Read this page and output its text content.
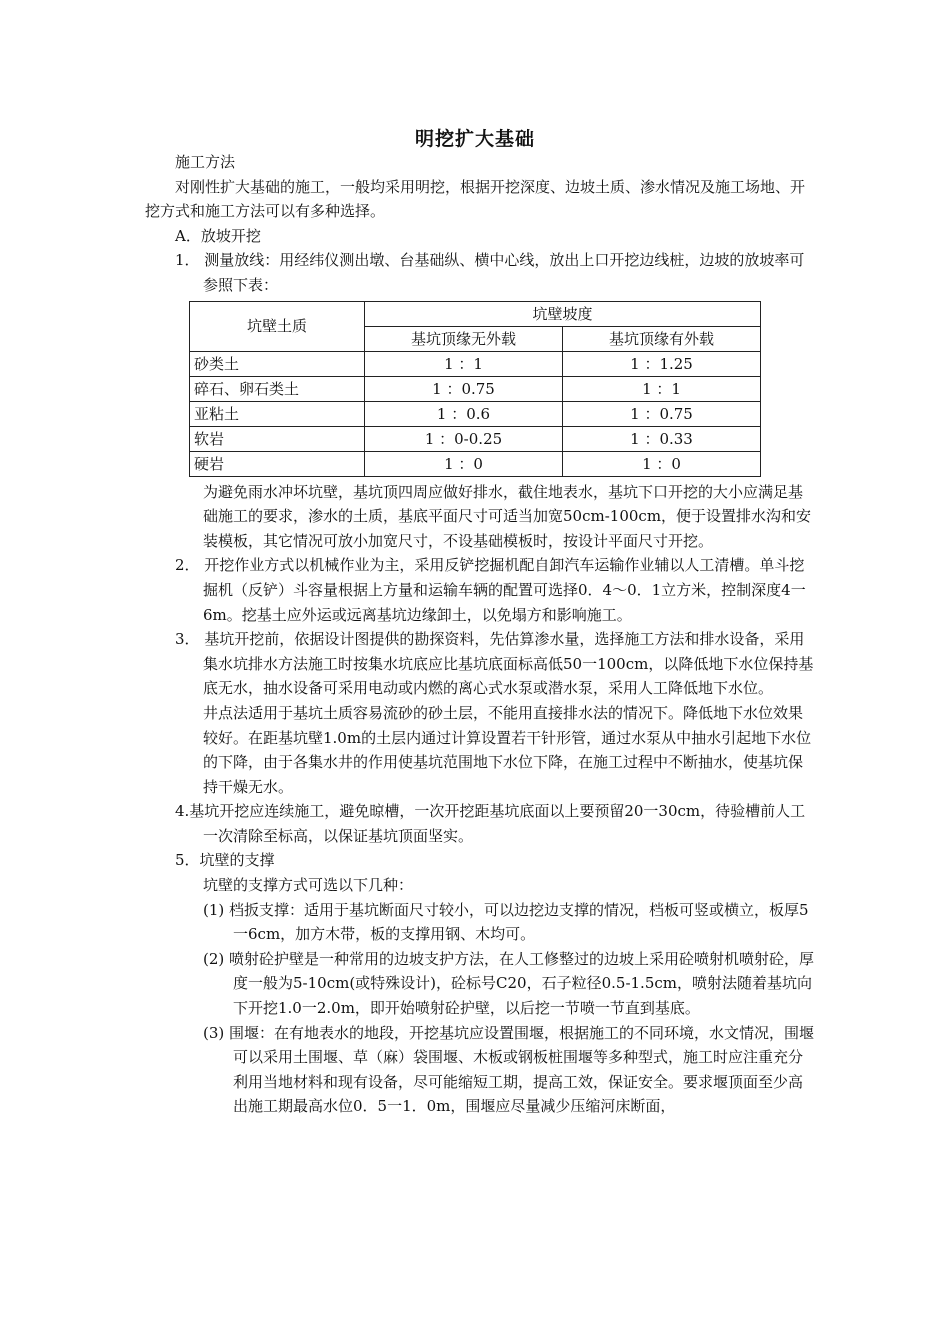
明挖扩大基础

施工方法

对刚性扩大基础的施工，一般均采用明挖，根据开挖深度、边坡土质、渗水情况及施工场地、开挖方式和施工方法可以有多种选择。

A．放坡开挖

1． 测量放线：用经纬仪测出墩、台基础纵、横中心线，放出上口开挖边线桩，边坡的放坡率可参照下表：

坑壁土质	坑壁坡度	
	基坑顶缘无外载	基坑顶缘有外载
砂类土	1 ：1	1 ：1.25
碎石、卵石类土	1 ：0.75	1 ：1
亚粘土	1 ：0.6	1 ：0.75
软岩	1 ：0-0.25	1 ：0.33
硬岩	1 ：0	1 ：0

为避免雨水冲坏坑壁，基坑顶四周应做好排水，截住地表水，基坑下口开挖的大小应满足基础施工的要求，渗水的土质，基底平面尺寸可适当加宽50cm-100cm，便于设置排水沟和安装模板，其它情况可放小加宽尺寸，不设基础模板时，按设计平面尺寸开挖。

2． 开挖作业方式以机械作业为主，采用反铲挖掘机配自卸汽车运输作业辅以人工清槽。单斗挖掘机（反铲）斗容量根据上方量和运输车辆的配置可选择0．4～0．1立方米，控制深度4一6m。挖基土应外运或远离基坑边缘卸土，以免塌方和影响施工。

3． 基坑开挖前，依据设计图提供的勘探资料，先估算渗水量，选择施工方法和排水设备，采用集水坑排水方法施工时按集水坑底应比基坑底面标高低50一100cm，以降低地下水位保持基底无水，抽水设备可采用电动或内燃的离心式水泵或潜水泵，采用人工降低地下水位。

井点法适用于基坑土质容易流砂的砂土层，不能用直接排水法的情况下。降低地下水位效果较好。在距基坑壁1.0m的土层内通过计算设置若干针形管，通过水泵从中抽水引起地下水位的下降，由于各集水井的作用使基坑范围地下水位下降，在施工过程中不断抽水，使基坑保持干燥无水。

4.基坑开挖应连续施工，避免晾槽，一次开挖距基坑底面以上要预留20一30cm，待验槽前人工一次清除至标高，以保证基坑顶面坚实。

5．坑壁的支撑

坑壁的支撑方式可选以下几种：

(1) 档扳支撑：适用于基坑断面尺寸较小，可以边挖边支撑的情况，档板可竖或横立，板厚5一6cm，加方木带，板的支撑用钢、木均可。

(2) 喷射砼护壁是一种常用的边坡支护方法，在人工修整过的边坡上采用砼喷射机喷射砼，厚度一般为5-10cm(或特殊设计)，砼标号C20，石子粒径0.5-1.5cm，喷射法随着基坑向下开挖1.0一2.0m，即开始喷射砼护壁，以后挖一节喷一节直到基底。

(3) 围堰：在有地表水的地段，开挖基坑应设置围堰，根据施工的不同环境，水文情况，围堰可以采用土围堰、草（麻）袋围堰、木板或钢板桩围堰等多种型式，施工时应注重充分利用当地材料和现有设备，尽可能缩短工期，提高工效，保证安全。要求堰顶面至少高出施工期最高水位0．5一1．0m，围堰应尽量减少压缩河床断面，
